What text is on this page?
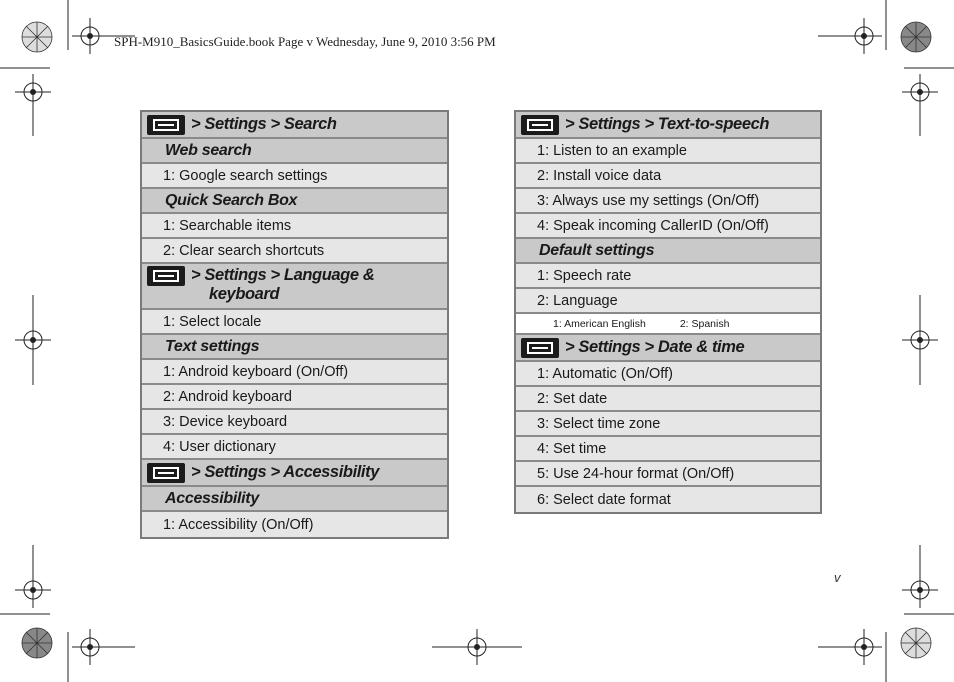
SPH-M910_BasicsGuide.book Page v Wednesday, June 9, 2010 3:56 PM
> Settings > Search
Web search
1: Google search settings
Quick Search Box
1: Searchable items
2: Clear search shortcuts
> Settings > Language &
keyboard
1: Select locale
Text settings
1: Android keyboard (On/Off)
2: Android keyboard
3: Device keyboard
4: User dictionary
> Settings > Accessibility
Accessibility
1: Accessibility (On/Off)
> Settings > Text-to-speech
1: Listen to an example
2: Install voice data
3: Always use my settings (On/Off)
4: Speak incoming CallerID (On/Off)
Default settings
1: Speech rate
2: Language
1: American English	2: Spanish
> Settings > Date & time
1: Automatic (On/Off)
2: Set date
3: Select time zone
4: Set time
5: Use 24-hour format (On/Off)
6: Select date format
v
